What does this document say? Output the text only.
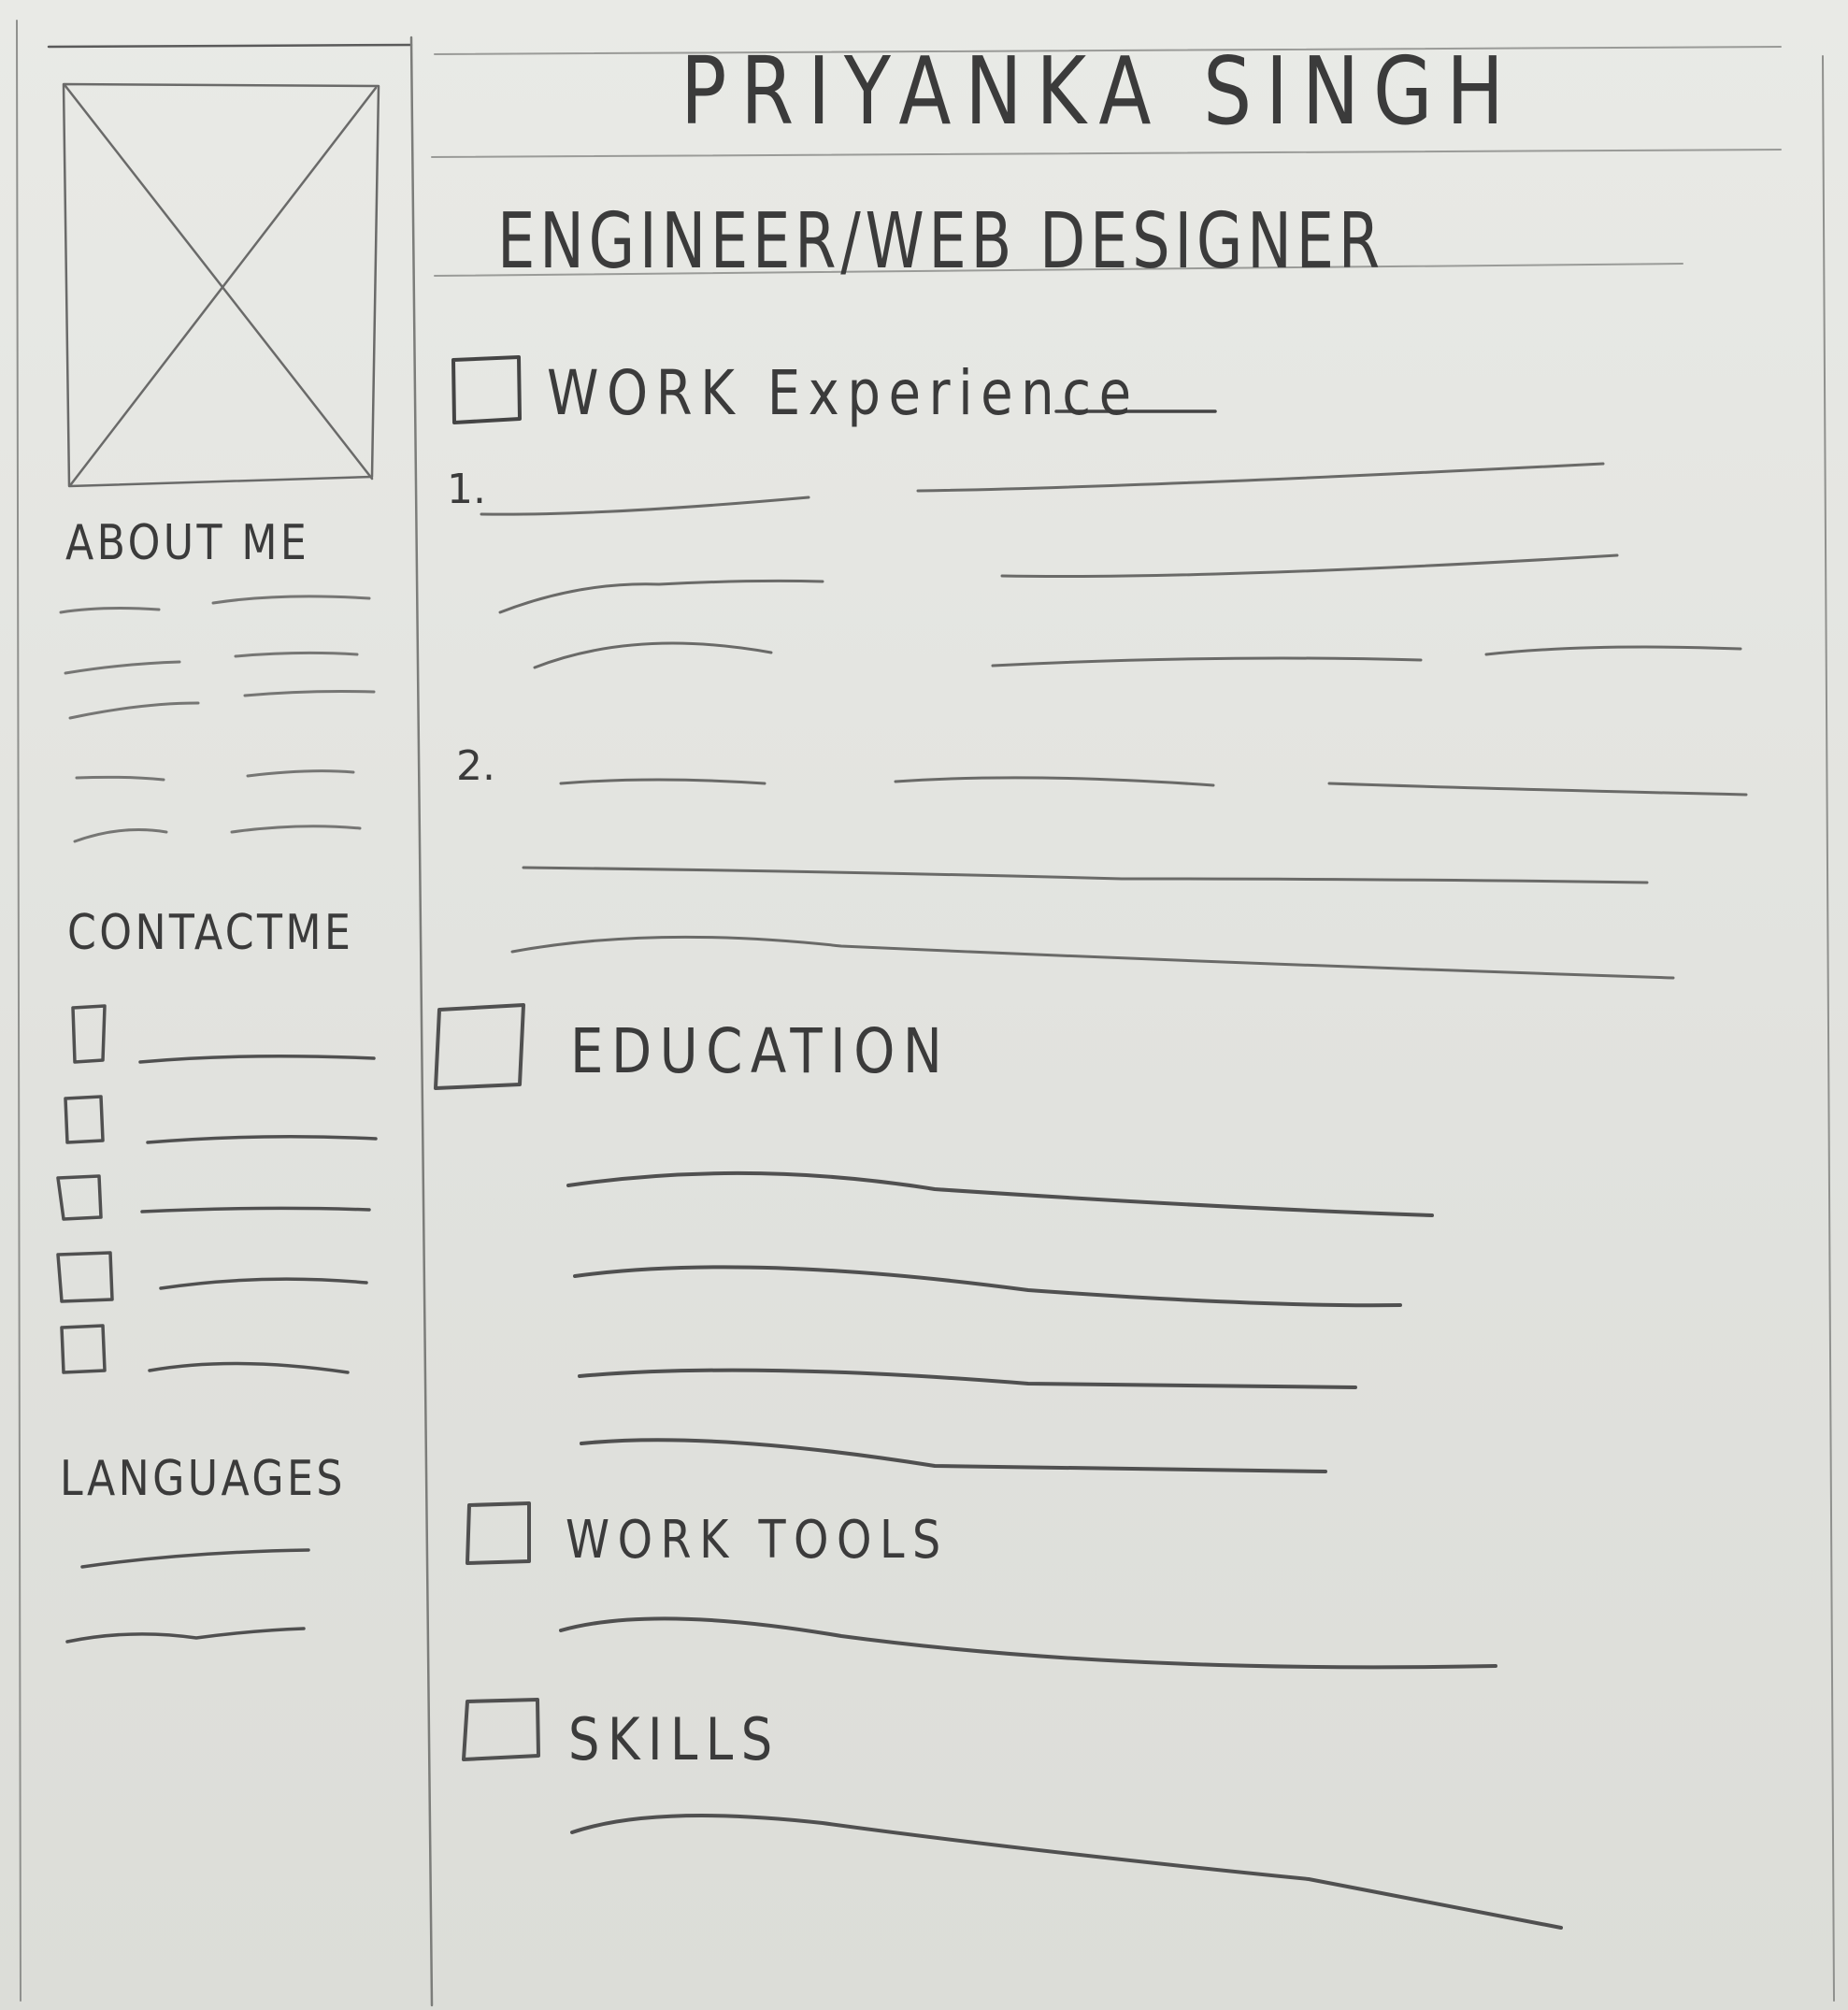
PRIYANKA SINGH
ENGINEER/WEB DESIGNER
ABOUT ME
CONTACTME
LANGUAGES
WORK Experience
1.
2.
EDUCATION
WORK TOOLS
SKILLS
